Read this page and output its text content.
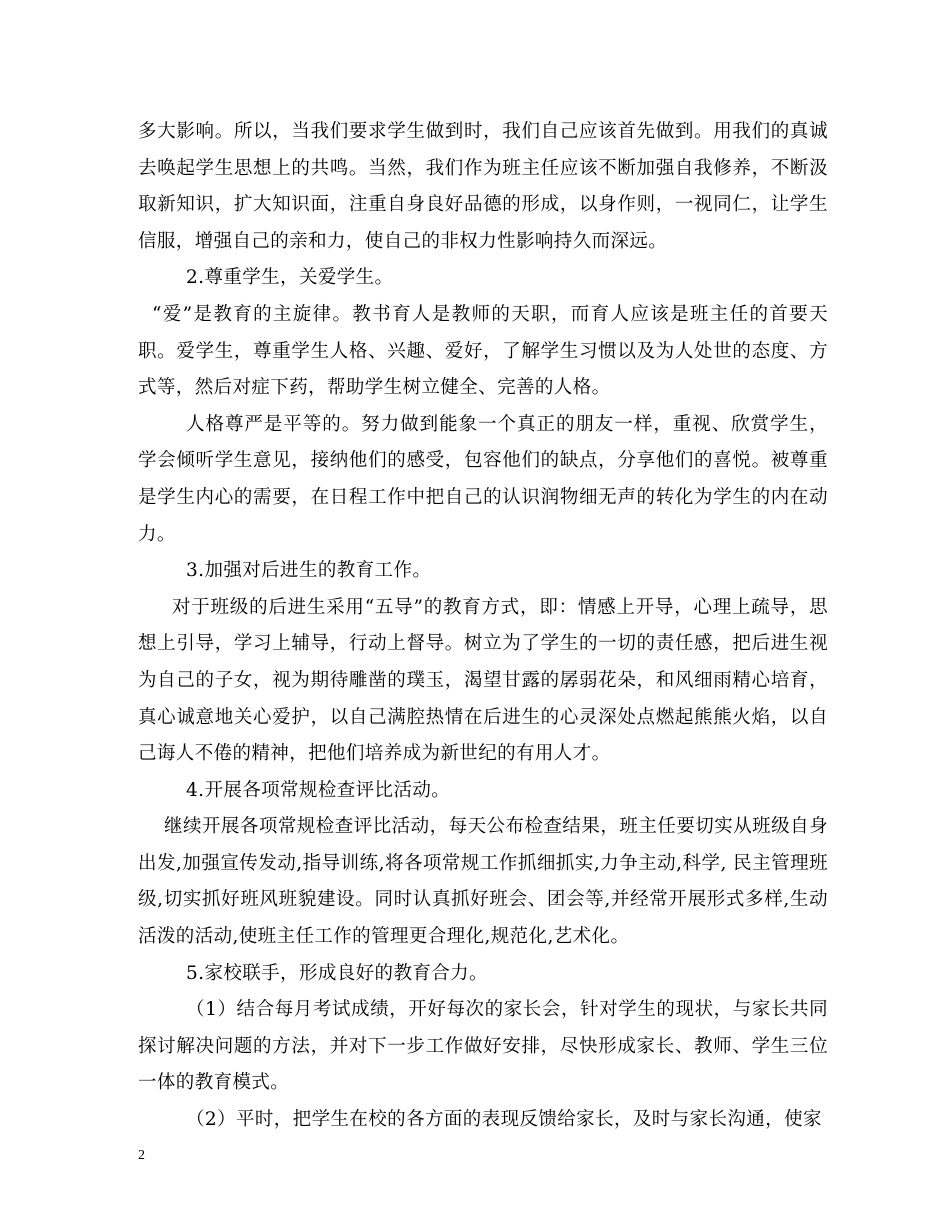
多大影响。所以，当我们要求学生做到时，我们自己应该首先做到。用我们的真诚去唤起学生思想上的共鸣。当然，我们作为班主任应该不断加强自我修养，不断汲取新知识，扩大知识面，注重自身良好品德的形成，以身作则，一视同仁，让学生信服，增强自己的亲和力，使自己的非权力性影响持久而深远。

2.尊重学生，关爱学生。

“爱”是教育的主旋律。教书育人是教师的天职，而育人应该是班主任的首要天职。爱学生，尊重学生人格、兴趣、爱好，了解学生习惯以及为人处世的态度、方式等，然后对症下药，帮助学生树立健全、完善的人格。

人格尊严是平等的。努力做到能象一个真正的朋友一样，重视、欣赏学生，学会倾听学生意见，接纳他们的感受，包容他们的缺点，分享他们的喜悦。被尊重是学生内心的需要，在日程工作中把自己的认识润物细无声的转化为学生的内在动力。

3.加强对后进生的教育工作。

对于班级的后进生采用“五导”的教育方式，即：情感上开导，心理上疏导，思想上引导，学习上辅导，行动上督导。树立为了学生的一切的责任感，把后进生视为自己的子女，视为期待雕凿的璞玉，渴望甘露的孱弱花朵，和风细雨精心培育，真心诚意地关心爱护，以自己满腔热情在后进生的心灵深处点燃起熊熊火焰，以自己诲人不倦的精神，把他们培养成为新世纪的有用人才。

4.开展各项常规检查评比活动。

继续开展各项常规检查评比活动，每天公布检查结果，班主任要切实从班级自身出发,加强宣传发动,指导训练,将各项常规工作抓细抓实,力争主动,科学, 民主管理班级,切实抓好班风班貌建设。同时认真抓好班会、团会等,并经常开展形式多样,生动活泼的活动,使班主任工作的管理更合理化,规范化,艺术化。

5.家校联手，形成良好的教育合力。

（1）结合每月考试成绩，开好每次的家长会，针对学生的现状，与家长共同探讨解决问题的方法，并对下一步工作做好安排，尽快形成家长、教师、学生三位一体的教育模式。

（2）平时，把学生在校的各方面的表现反馈给家长，及时与家长沟通，使家

2
